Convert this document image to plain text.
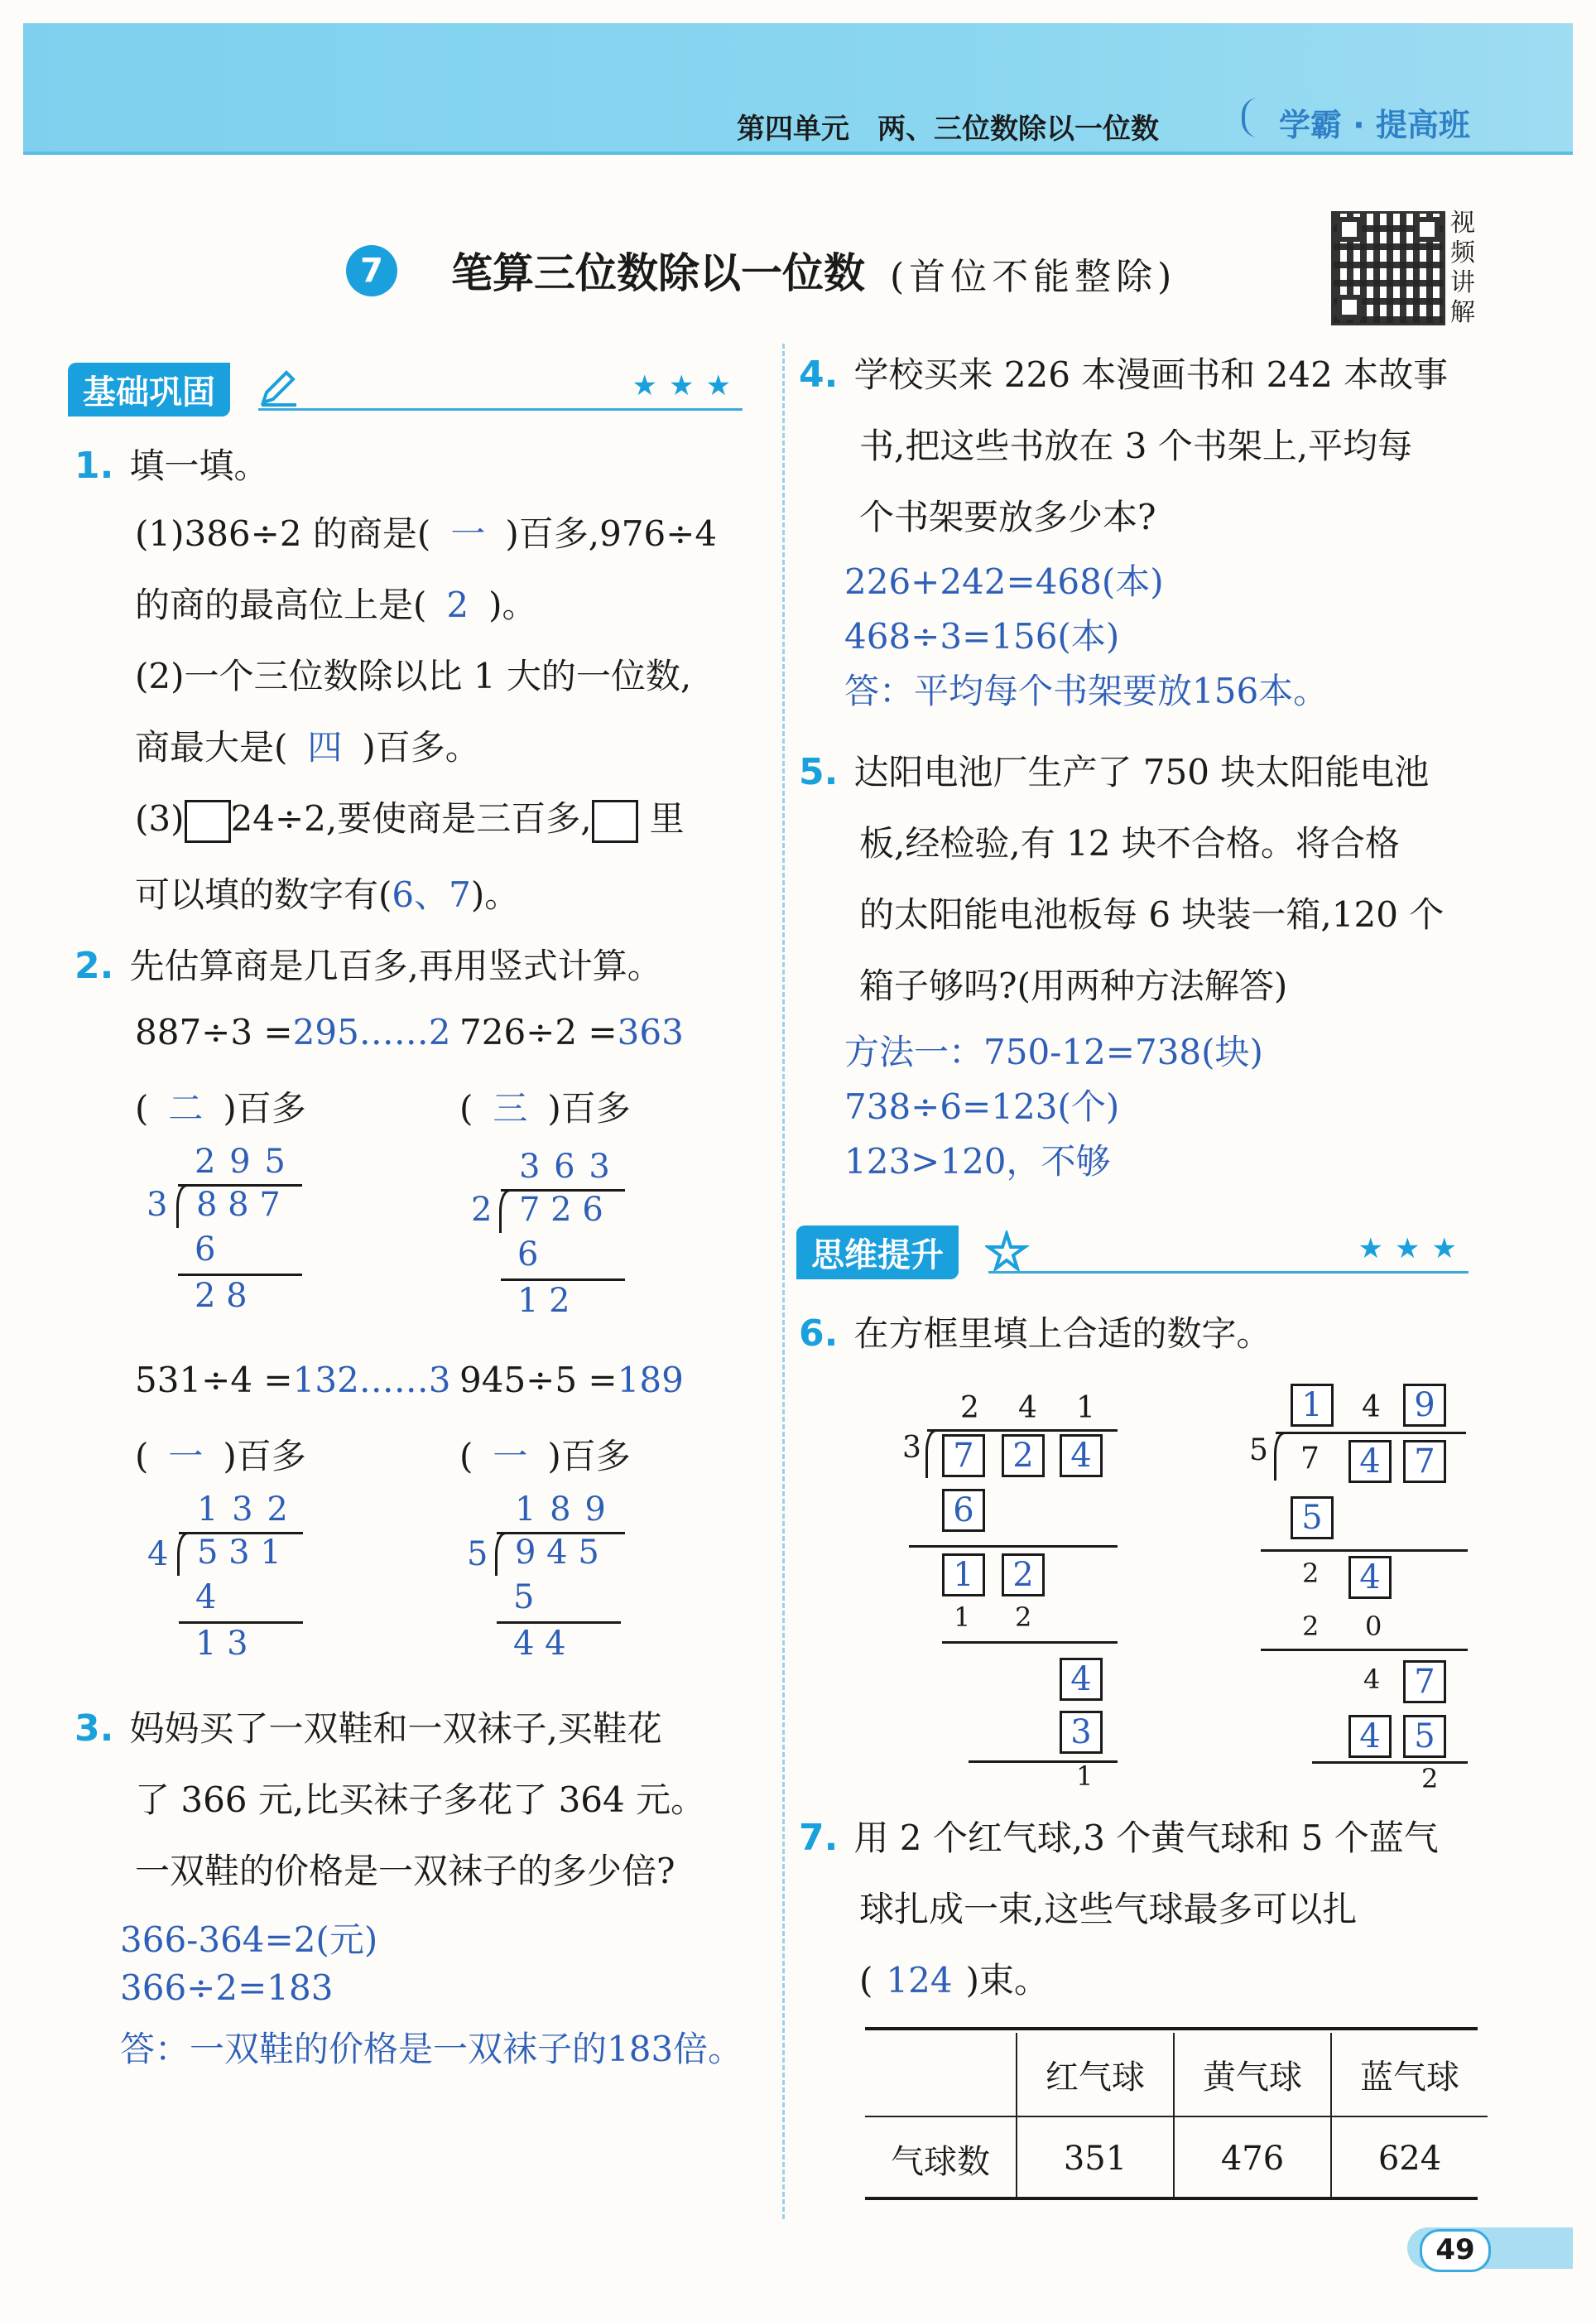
第四单元　两、三位数除以一位数	学霸 · 提高班
7	笔算三位数除以一位数 (首位不能整除)
视
频
讲
解
基础巩固	★★★
1. 填一填。
(1)386÷2 的商是( 一 )百多,976÷4
的商的最高位上是( 2 )。
(2)一个三位数除以比 1 大的一位数,
商最大是( 四 )百多。
(3) 24÷2,要使商是三百多, 里
可以填的数字有(6、7)。
2. 先估算商是几百多,再用竖式计算。
887÷3 =295……2
( 二 )百多
2 9 5
3 8 8 7
6
2 8
726÷2 =363
( 三 )百多
3 6 3
2 7 2 6
6
1 2
531÷4 =132……3
( 一 )百多
1 3 2
4 5 3 1
4
1 3
945÷5 =189
( 一 )百多
1 8 9
5 9 4 5
5
4 4
3. 妈妈买了一双鞋和一双袜子,买鞋花
了 366 元,比买袜子多花了 364 元。
一双鞋的价格是一双袜子的多少倍?
366-364=2(元)
366÷2=183
答：一双鞋的价格是一双袜子的183倍。
4. 学校买来 226 本漫画书和 242 本故事
书,把这些书放在 3 个书架上,平均每
个书架要放多少本?
226+242=468(本)
468÷3=156(本)
答：平均每个书架要放156本。
5. 达阳电池厂生产了 750 块太阳能电池
板,经检验,有 12 块不合格。将合格
的太阳能电池板每 6 块装一箱,120 个
箱子够吗?(用两种方法解答)
方法一：750-12=738(块)
738÷6=123(个)
123>120，不够
思维提升	★★★
6. 在方框里填上合适的数字。
2 4 1
3 7	2	4
6
1	2
1 2
4
3
1
1	4	9
5 7	4	7
5
2	4
2 0
4	7
4	5
2
7. 用 2 个红气球,3 个黄气球和 5 个蓝气
球扎成一束,这些气球最多可以扎
( 124 )束。
	红气球	黄气球	蓝气球
气球数	351	476	624
49
